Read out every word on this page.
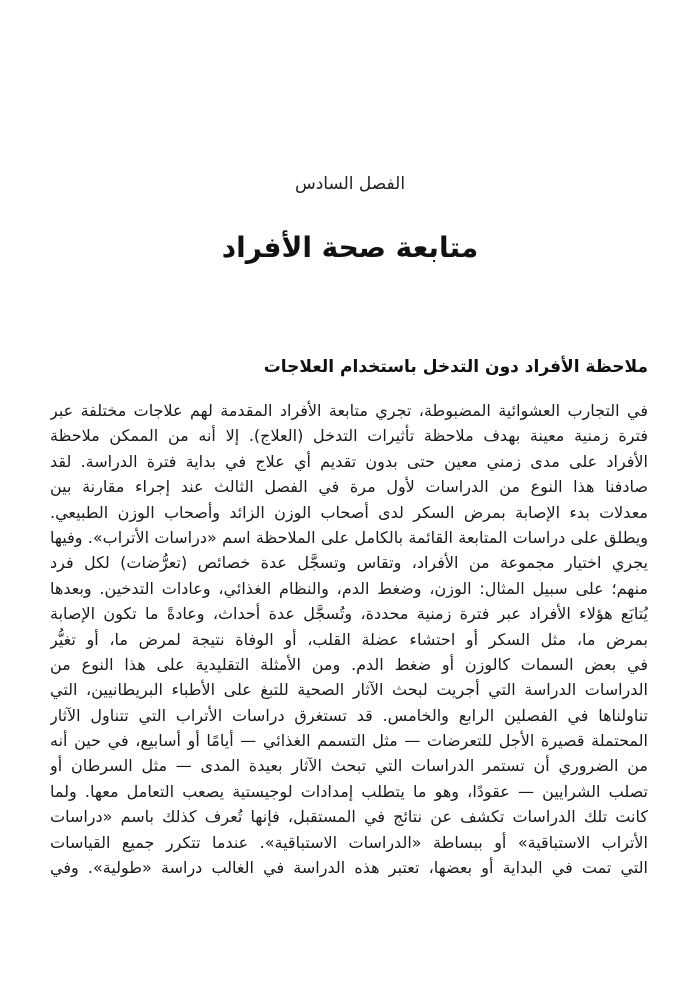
الفصل السادس
متابعة صحة الأفراد
ملاحظة الأفراد دون التدخل باستخدام العلاجات
في التجارب العشوائية المضبوطة، تجري متابعة الأفراد المقدمة لهم علاجات مختلفة عبر
فترة زمنية معينة بهدف ملاحظة تأثيرات التدخل (العلاج). إلا أنه من الممكن ملاحظة
الأفراد على مدى زمني معين حتى بدون تقديم أي علاج في بداية فترة الدراسة. لقد
صادفنا هذا النوع من الدراسات لأول مرة في الفصل الثالث عند إجراء مقارنة بين
معدلات بدء الإصابة بمرض السكر لدى أصحاب الوزن الزائد وأصحاب الوزن الطبيعي.
ويطلق على دراسات المتابعة القائمة بالكامل على الملاحظة اسم «دراسات الأتراب». وفيها
يجري اختيار مجموعة من الأفراد، وتقاس وتسجَّل عدة خصائص (تعرُّضات) لكل فرد
منهم؛ على سبيل المثال: الوزن، وضغط الدم، والنظام الغذائي، وعادات التدخين. وبعدها
يُتابَع هؤلاء الأفراد عبر فترة زمنية محددة، وتُسجَّل عدة أحداث، وعادةً ما تكون الإصابة
بمرض ما، مثل السكر أو احتشاء عضلة القلب، أو الوفاة نتيجة لمرض ما، أو تغيُّر
في بعض السمات كالوزن أو ضغط الدم. ومن الأمثلة التقليدية على هذا النوع من
الدراسات الدراسة التي أجريت لبحث الآثار الصحية للتبغ على الأطباء البريطانيين، التي
تناولناها في الفصلين الرابع والخامس. قد تستغرق دراسات الأتراب التي تتناول الآثار
المحتملة قصيرة الأجل للتعرضات — مثل التسمم الغذائي — أيامًا أو أسابيع، في حين أنه
من الضروري أن تستمر الدراسات التي تبحث الآثار بعيدة المدى — مثل السرطان أو
تصلب الشرايين — عقودًا، وهو ما يتطلب إمدادات لوجيستية يصعب التعامل معها. ولما
كانت تلك الدراسات تكشف عن نتائج في المستقبل، فإنها تُعرف كذلك باسم «دراسات
الأتراب الاستباقية» أو ببساطة «الدراسات الاستباقية». عندما تتكرر جميع القياسات
التي تمت في البداية أو بعضها، تعتبر هذه الدراسة في الغالب دراسة «طولية». وفي
